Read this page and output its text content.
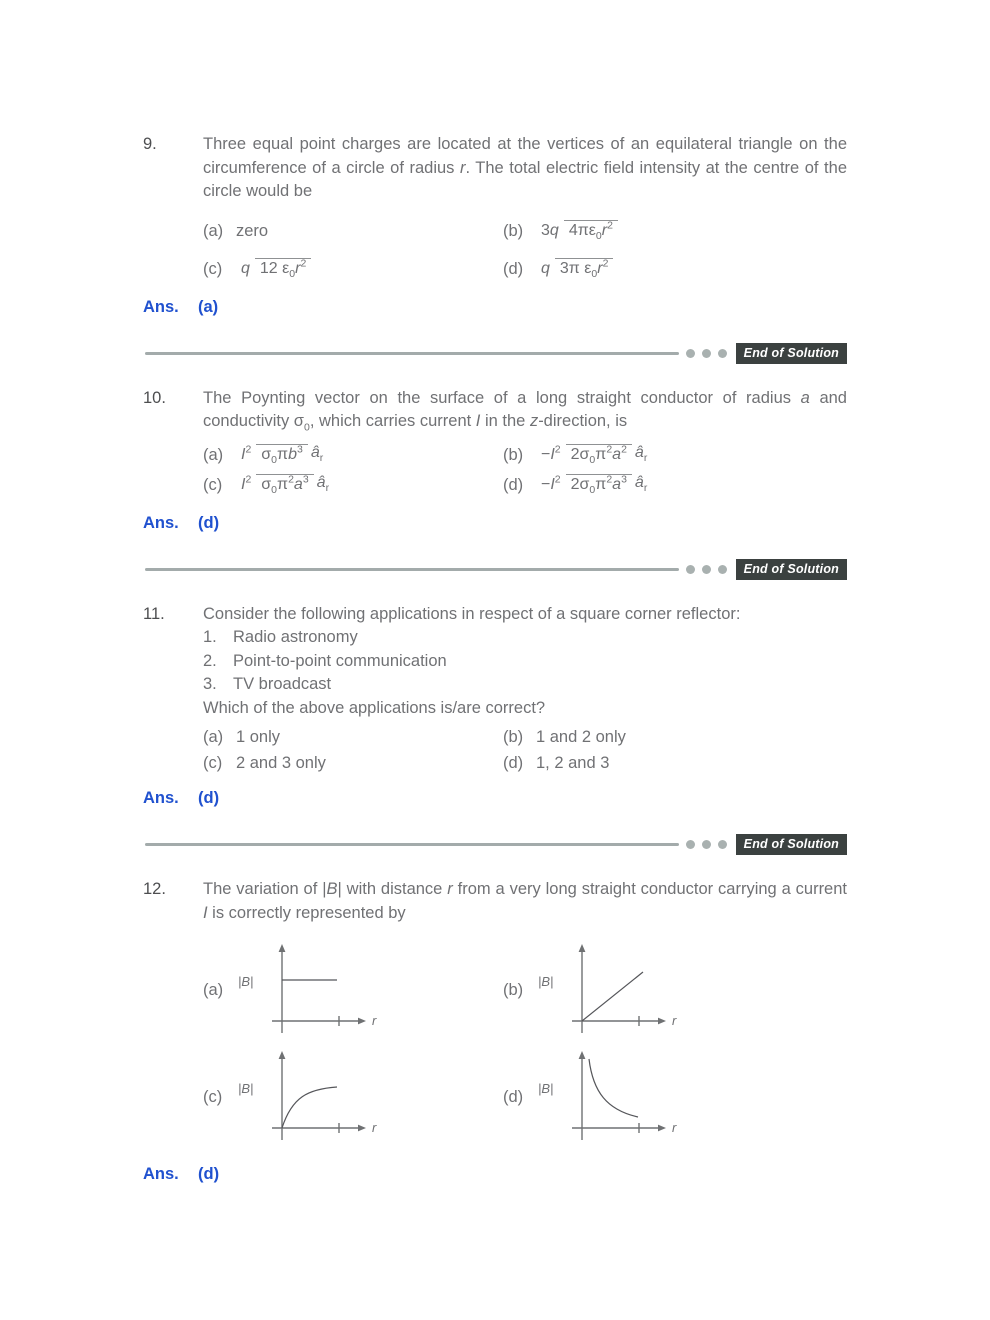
9.	Three equal point charges are located at the vertices of an equilateral triangle on the circumference of a circle of radius r. The total electric field intensity at the centre of the circle would be

(a) zero	(b)	3q $4\pi\varepsilon_0r^2$
(c)	q 12 $\varepsilon_0r^2$	(d)	q 3π $\varepsilon_0r^2$
Ans.	(a)
End of Solution
10.	The Poynting vector on the surface of a long straight conductor of radius a and conductivity $\sigma_0$, which carries current I in the z-direction, is

(a)	$I^2$ $\sigma_0\pi b^3$ $â_r$	(b)	$-I^2$ $2\sigma_0\pi^2a^2$ $â_r$
(c)	$I^2$ $\sigma_0\pi^2a^3$ $â_r$	(d)	$-I^2$ $2\sigma_0\pi^2a^3$ $â_r$
Ans.	(d)
End of Solution
11.	Consider the following applications in respect of a square corner reflector:

1. Radio astronomy
2. Point-to-point communication
3. TV broadcast

Which of the above applications is/are correct?

(a) 1 only	(b) 1 and 2 only
(c) 2 and 3 only	(d) 1, 2 and 3
Ans.	(d)
End of Solution
12.	The variation of |B| with distance r from a very long straight conductor carrying a current I is correctly represented by

(a)	|B|
r
(b)	|B|
r
(c)	|B|
r
(d)	|B|
r
Ans.	(d)
